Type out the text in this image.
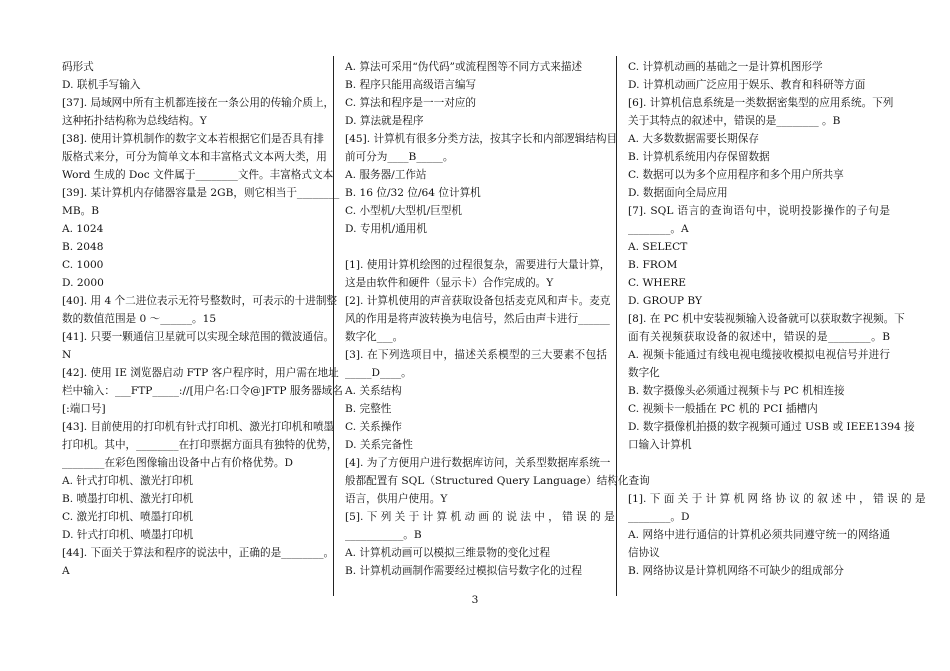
码形式
D. 联机手写输入
[37]. 局域网中所有主机都连接在一条公用的传输介质上，
这种拓扑结构称为总线结构。Y
[38]. 使用计算机制作的数字文本若根据它们是否具有排
版格式来分，可分为简单文本和丰富格式文本两大类，用
Word 生成的 Doc 文件属于________文件。丰富格式文本
[39]. 某计算机内存储器容量是 2GB，则它相当于________
MB。B
A. 1024
B. 2048
C. 1000
D. 2000
[40]. 用 4 个二进位表示无符号整数时，可表示的十进制整
数的数值范围是 0 ～______。15
[41]. 只要一颗通信卫星就可以实现全球范围的微波通信。
N
[42]. 使用 IE 浏览器启动 FTP 客户程序时，用户需在地址
栏中输入：___FTP_____://[用户名:口令@]FTP 服务器域名
[:端口号]
[43]. 目前使用的打印机有针式打印机、激光打印机和喷墨
打印机。其中，________在打印票据方面具有独特的优势，
________在彩色图像输出设备中占有价格优势。D
A. 针式打印机、激光打印机
B. 喷墨打印机、激光打印机
C. 激光打印机、喷墨打印机
D. 针式打印机、喷墨打印机
[44]. 下面关于算法和程序的说法中，正确的是________。
A
A. 算法可采用“伪代码”或流程图等不同方式来描述
B. 程序只能用高级语言编写
C. 算法和程序是一一对应的
D. 算法就是程序
[45]. 计算机有很多分类方法，按其字长和内部逻辑结构目
前可分为____B_____。
A. 服务器/工作站
B. 16 位/32 位/64 位计算机
C. 小型机/大型机/巨型机
D. 专用机/通用机
[1]. 使用计算机绘图的过程很复杂，需要进行大量计算，
这是由软件和硬件（显示卡）合作完成的。Y
[2]. 计算机使用的声音获取设备包括麦克风和声卡。麦克
风的作用是将声波转换为电信号，然后由声卡进行______
数字化___。
[3]. 在下列选项目中，描述关系模型的三大要素不包括
_____D____。
A. 关系结构
B. 完整性
C. 关系操作
D. 关系完备性
[4]. 为了方便用户进行数据库访问，关系型数据库系统一
般都配置有 SQL（Structured Query Language）结构化查询
语言，供用户使用。Y
[5]. 下 列 关 于 计 算 机 动 画 的 说 法 中 ， 错 误 的 是
___________。B
A. 计算机动画可以模拟三维景物的变化过程
B. 计算机动画制作需要经过模拟信号数字化的过程
C. 计算机动画的基础之一是计算机图形学
D. 计算机动画广泛应用于娱乐、教育和科研等方面
[6]. 计算机信息系统是一类数据密集型的应用系统。下列
关于其特点的叙述中，错误的是________ 。B
A. 大多数数据需要长期保存
B. 计算机系统用内存保留数据
C. 数据可以为多个应用程序和多个用户所共享
D. 数据面向全局应用
[7]. SQL 语言的查询语句中，说明投影操作的子句是
________。A
A. SELECT
B. FROM
C. WHERE
D. GROUP BY
[8]. 在 PC 机中安装视频输入设备就可以获取数字视频。下
面有关视频获取设备的叙述中，错误的是________。B
A. 视频卡能通过有线电视电缆接收模拟电视信号并进行
数字化
B. 数字摄像头必须通过视频卡与 PC 机相连接
C. 视频卡一般插在 PC 机的 PCI 插槽内
D. 数字摄像机拍摄的数字视频可通过 USB 或 IEEE1394 接
口输入计算机
[1]. 下 面 关 于 计 算 机 网 络 协 议 的 叙 述 中 ， 错 误 的 是
________。D
A. 网络中进行通信的计算机必须共同遵守统一的网络通
信协议
B. 网络协议是计算机网络不可缺少的组成部分
3
